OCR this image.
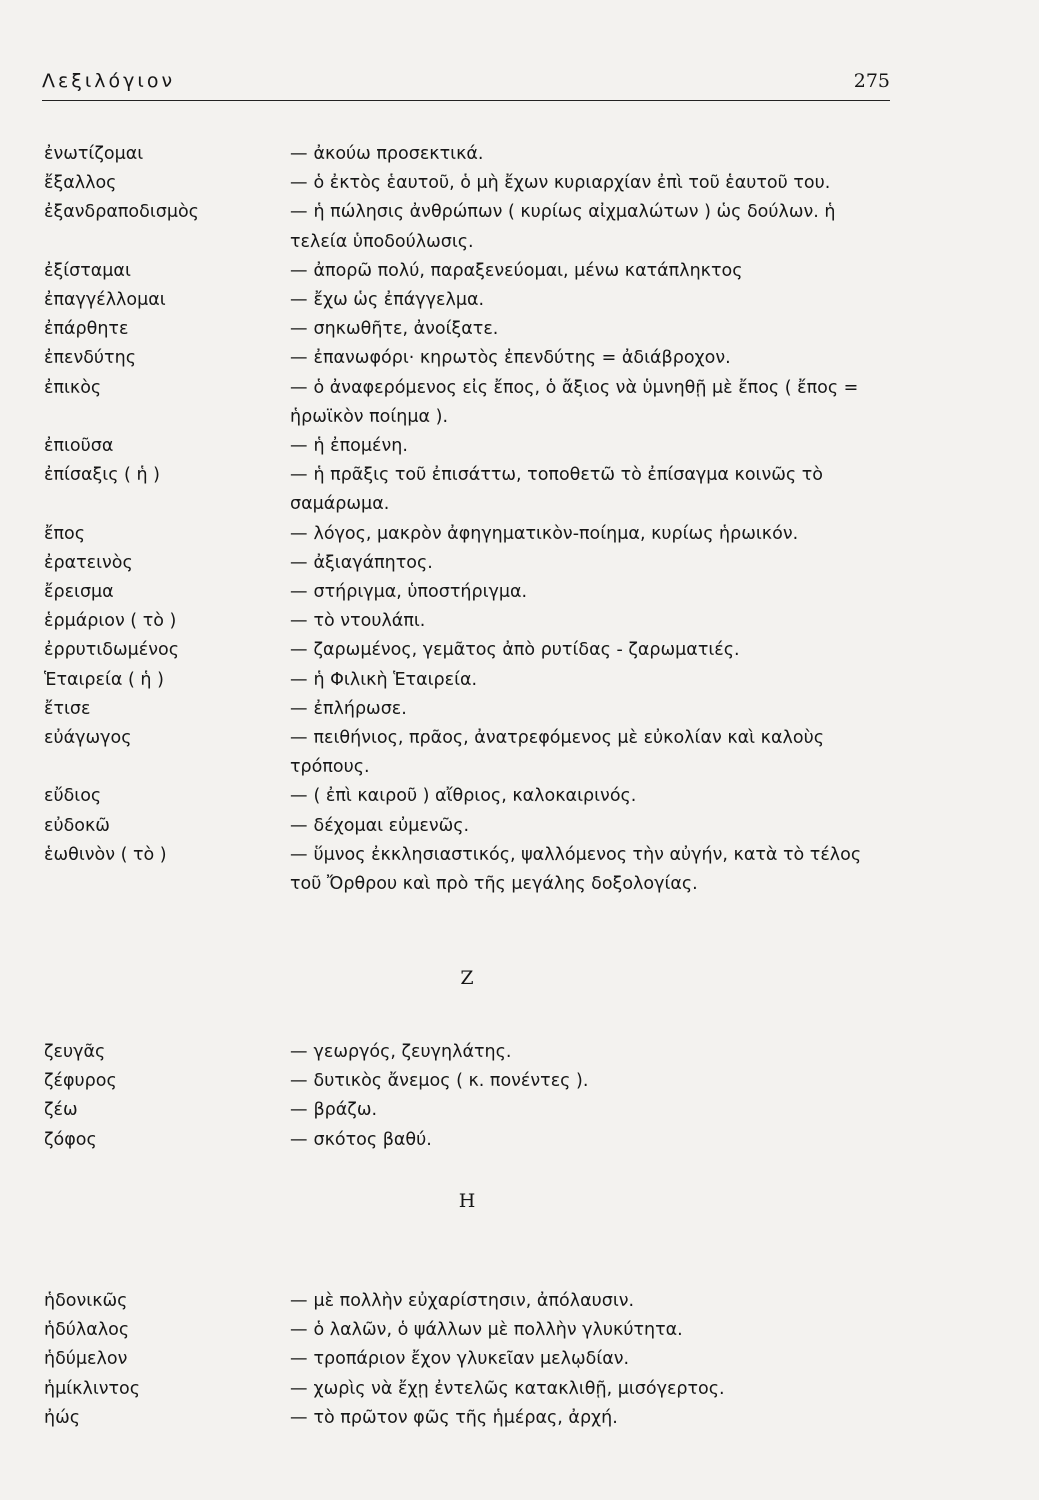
Λεξιλόγιον	275
ἐνωτίζομαι	— ἀκούω προσεκτικά.
ἔξαλλος	— ὁ ἐκτὸς ἑαυτοῦ, ὁ μὴ ἔχων κυριαρχίαν ἐπὶ τοῦ ἑαυτοῦ του.
ἐξανδραποδισμὸς	— ἡ πώλησις ἀνθρώπων ( κυρίως αἰχμαλώτων ) ὡς δούλων. ἡ τελεία ὑποδούλωσις.
ἐξίσταμαι	— ἀπορῶ πολύ, παραξενεύομαι, μένω κατάπληκτος
ἐπαγγέλλομαι	— ἔχω ὡς ἐπάγγελμα.
ἐπάρθητε	— σηκωθῆτε, ἀνοίξατε.
ἐπενδύτης	— ἐπανωφόρι· κηρωτὸς ἐπενδύτης = ἀδιάβροχον.
ἐπικὸς	— ὁ ἀναφερόμενος εἰς ἔπος, ὁ ἄξιος νὰ ὑμνηθῇ μὲ ἔπος ( ἔπος = ἡρωϊκὸν ποίημα ).
ἐπιοῦσα	— ἡ ἐπομένη.
ἐπίσαξις ( ἡ )	— ἡ πρᾶξις τοῦ ἐπισάττω, τοποθετῶ τὸ ἐπίσαγμα κοινῶς τὸ σαμάρωμα.
ἔπος	— λόγος, μακρὸν ἀφηγηματικὸν-ποίημα, κυρίως ἡρωικόν.
ἐρατεινὸς	— ἀξιαγάπητος.
ἔρεισμα	— στήριγμα, ὑποστήριγμα.
ἑρμάριον ( τὸ )	— τὸ ντουλάπι.
ἐρρυτιδωμένος	— ζαρωμένος, γεμᾶτος ἀπὸ ρυτίδας - ζαρωματιές.
Ἑταιρεία ( ἡ )	— ἡ Φιλικὴ Ἑταιρεία.
ἔτισε	— ἐπλήρωσε.
εὐάγωγος	— πειθήνιος, πρᾶος, ἀνατρεφόμενος μὲ εὐκολίαν καὶ καλοὺς τρόπους.
εὔδιος	— ( ἐπὶ καιροῦ ) αἴθριος, καλοκαιρινός.
εὐδοκῶ	— δέχομαι εὐμενῶς.
ἑωθινὸν ( τὸ )	— ὕμνος ἐκκλησιαστικός, ψαλλόμενος τὴν αὐγήν, κατὰ τὸ τέλος τοῦ Ὄρθρου καὶ πρὸ τῆς μεγάλης δοξολογίας.
Ζ
ζευγᾶς	— γεωργός, ζευγηλάτης.
ζέφυρος	— δυτικὸς ἄνεμος ( κ. πονέντες ).
ζέω	— βράζω.
ζόφος	— σκότος βαθύ.
Η
ἡδονικῶς	— μὲ πολλὴν εὐχαρίστησιν, ἀπόλαυσιν.
ἡδύλαλος	— ὁ λαλῶν, ὁ ψάλλων μὲ πολλὴν γλυκύτητα.
ἡδύμελον	— τροπάριον ἔχον γλυκεῖαν μελῳδίαν.
ἡμίκλιντος	— χωρὶς νὰ ἔχῃ ἐντελῶς κατακλιθῇ, μισόγερτος.
ἠώς	— τὸ πρῶτον φῶς τῆς ἡμέρας, ἀρχή.
